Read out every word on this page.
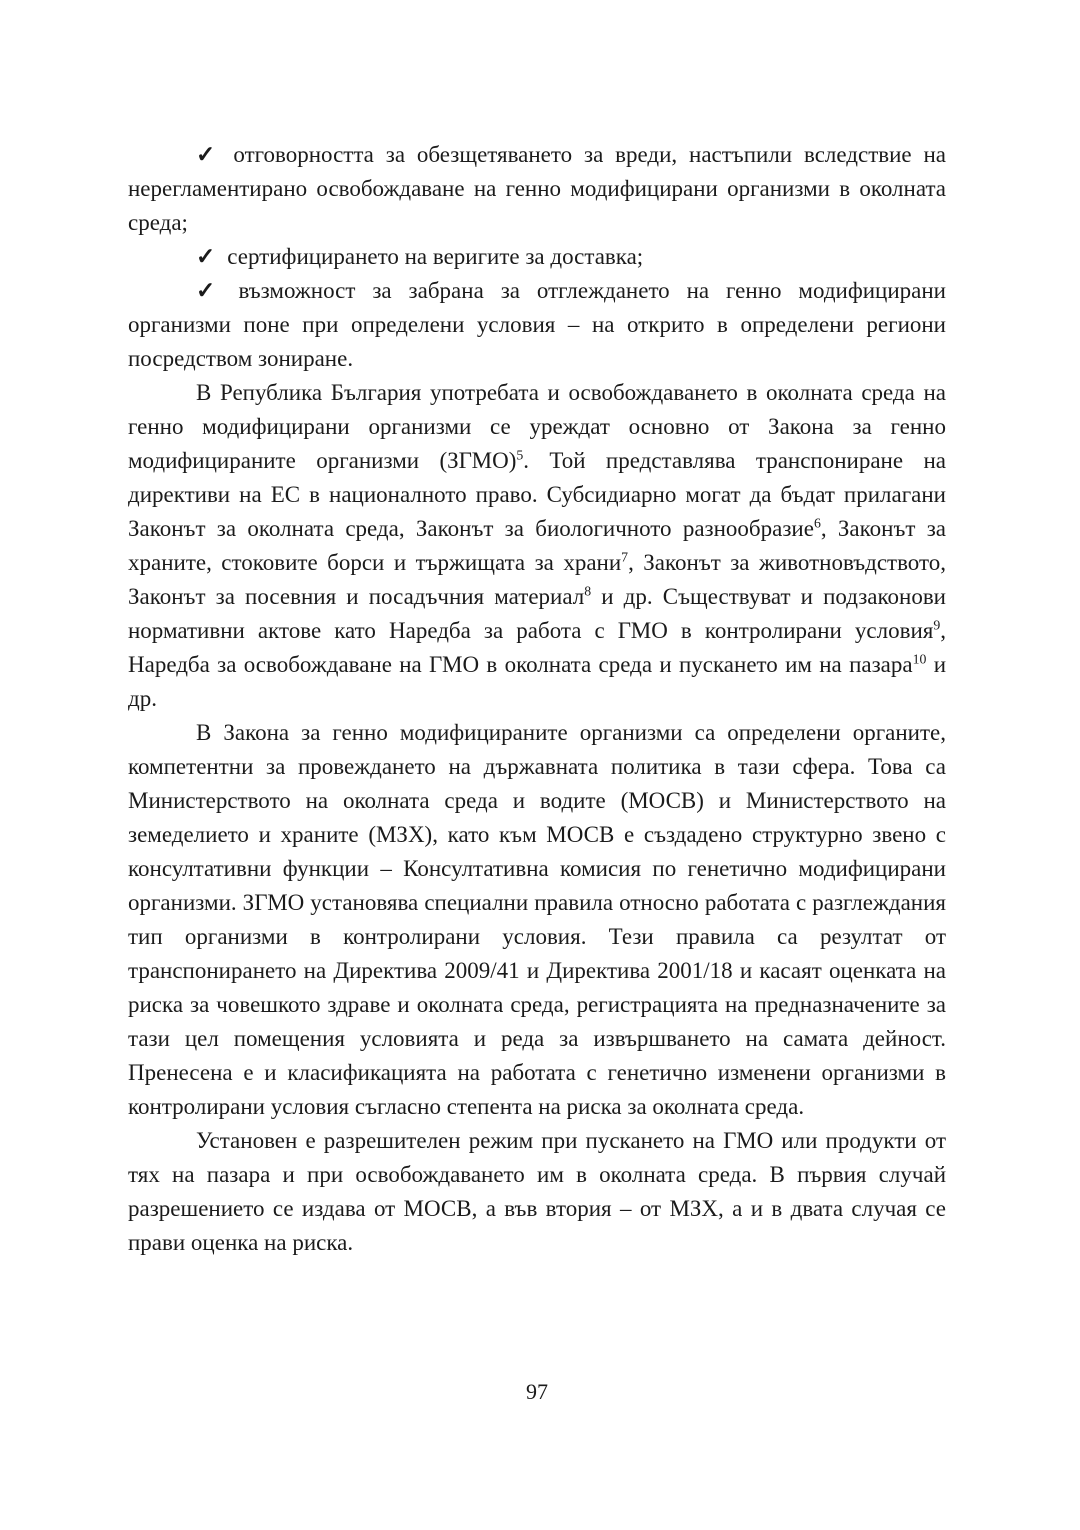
✓ отговорността за обезщетяването за вреди, настъпили вследствие на нерегламентирано освобождаване на генно модифицирани организми в околната среда;

✓ сертифицирането на веригите за доставка;

✓ възможност за забрана за отглеждането на генно модифицирани организми поне при определени условия – на открито в определени региони посредством зониране.

В Република България употребата и освобождаването в околната среда на генно модифицирани организми се уреждат основно от Закона за генно модифицираните организми (ЗГМО)$^5$. Той представлява транспониране на директиви на ЕС в националното право. Субсидиарно могат да бъдат прилагани Законът за околната среда, Законът за биологичното разнообразие$^6$, Законът за храните, стоковите борси и тържищата за храни$^7$, Законът за животновъдството, Законът за посевния и посадъчния материал$^8$ и др. Съществуват и подзаконови нормативни актове като Наредба за работа с ГМО в контролирани условия$^9$, Наредба за освобождаване на ГМО в околната среда и пускането им на пазара$^{10}$ и др.

В Закона за генно модифицираните организми са определени органите, компетентни за провеждането на държавната политика в тази сфера. Това са Министерството на околната среда и водите (МОСВ) и Министерството на земеделието и храните (МЗХ), като към МОСВ е създадено структурно звено с консултативни функции – Консултативна комисия по генетично модифицирани организми. ЗГМО установява специални правила относно работата с разглеждания тип организми в контролирани условия. Тези правила са резултат от транспонирането на Директива 2009/41 и Директива 2001/18 и касаят оценката на риска за човешкото здраве и околната среда, регистрацията на предназначените за тази цел помещения условията и реда за извършването на самата дейност. Пренесена е и класификацията на работата с генетично изменени организми в контролирани условия съгласно степента на риска за околната среда.

Установен е разрешителен режим при пускането на ГМО или продукти от тях на пазара и при освобождаването им в околната среда. В първия случай разрешението се издава от МОСВ, а във втория – от МЗХ, а и в двата случая се прави оценка на риска.

97
